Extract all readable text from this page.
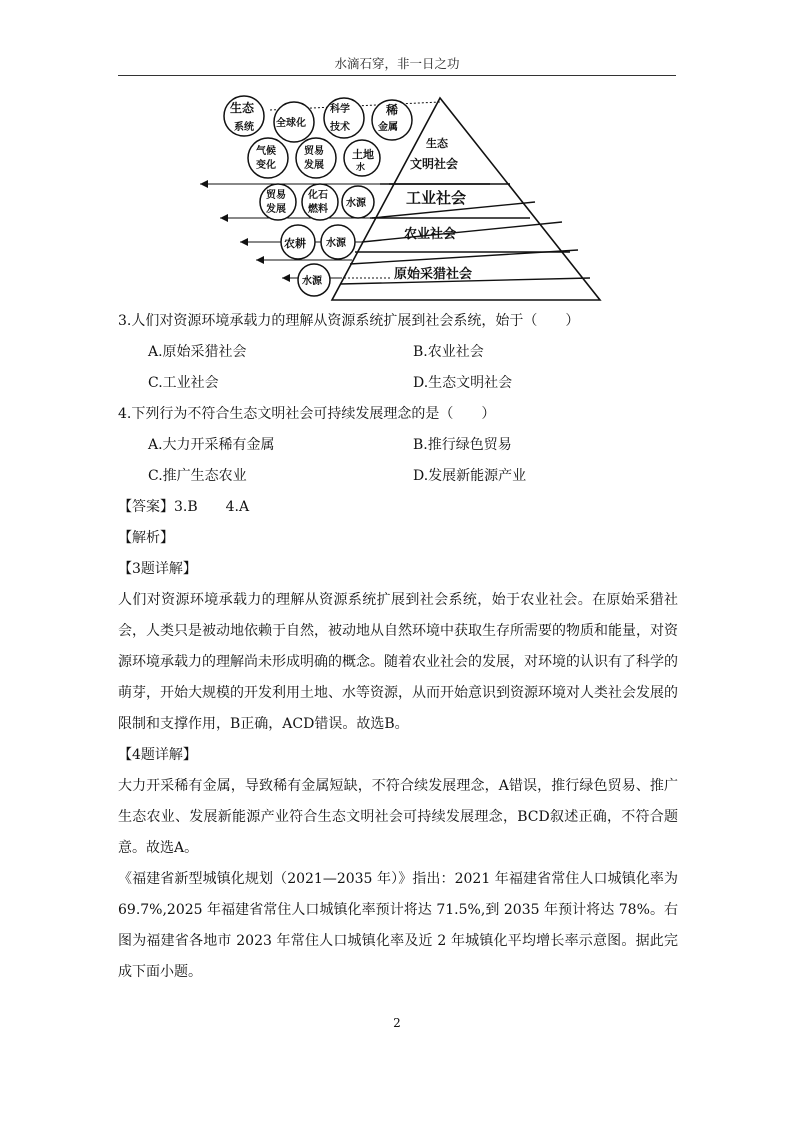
水滴石穿，非一日之功
生态
文明社会
工业社会
农业社会
原始采猎社会
生态
系统 全球化
科学
技术
稀
金属
气候
变化
贸易
发展
土地
水
贸易
发展
化石
燃料
水源
农耕 水源
水源
3.人们对资源环境承载力的理解从资源系统扩展到社会系统，始于（　　）
A.原始采猎社会	B.农业社会
C.工业社会	D.生态文明社会
4.下列行为不符合生态文明社会可持续发展理念的是（　　）
A.大力开采稀有金属	B.推行绿色贸易
C.推广生态农业	D.发展新能源产业
【答案】3.B　　4.A
【解析】
【3题详解】
人们对资源环境承载力的理解从资源系统扩展到社会系统，始于农业社会。在原始采猎社会，人类只是被动地依赖于自然，被动地从自然环境中获取生存所需要的物质和能量，对资源环境承载力的理解尚未形成明确的概念。随着农业社会的发展，对环境的认识有了科学的萌芽，开始大规模的开发利用土地、水等资源，从而开始意识到资源环境对人类社会发展的限制和支撑作用，B正确，ACD错误。故选B。
【4题详解】
大力开采稀有金属，导致稀有金属短缺，不符合续发展理念，A错误，推行绿色贸易、推广生态农业、发展新能源产业符合生态文明社会可持续发展理念，BCD叙述正确，不符合题意。故选A。
《福建省新型城镇化规划（2021—2035 年）》指出：2021 年福建省常住人口城镇化率为 69.7%,2025 年福建省常住人口城镇化率预计将达 71.5%,到 2035 年预计将达 78%。右图为福建省各地市 2023 年常住人口城镇化率及近 2 年城镇化平均增长率示意图。据此完成下面小题。
2
